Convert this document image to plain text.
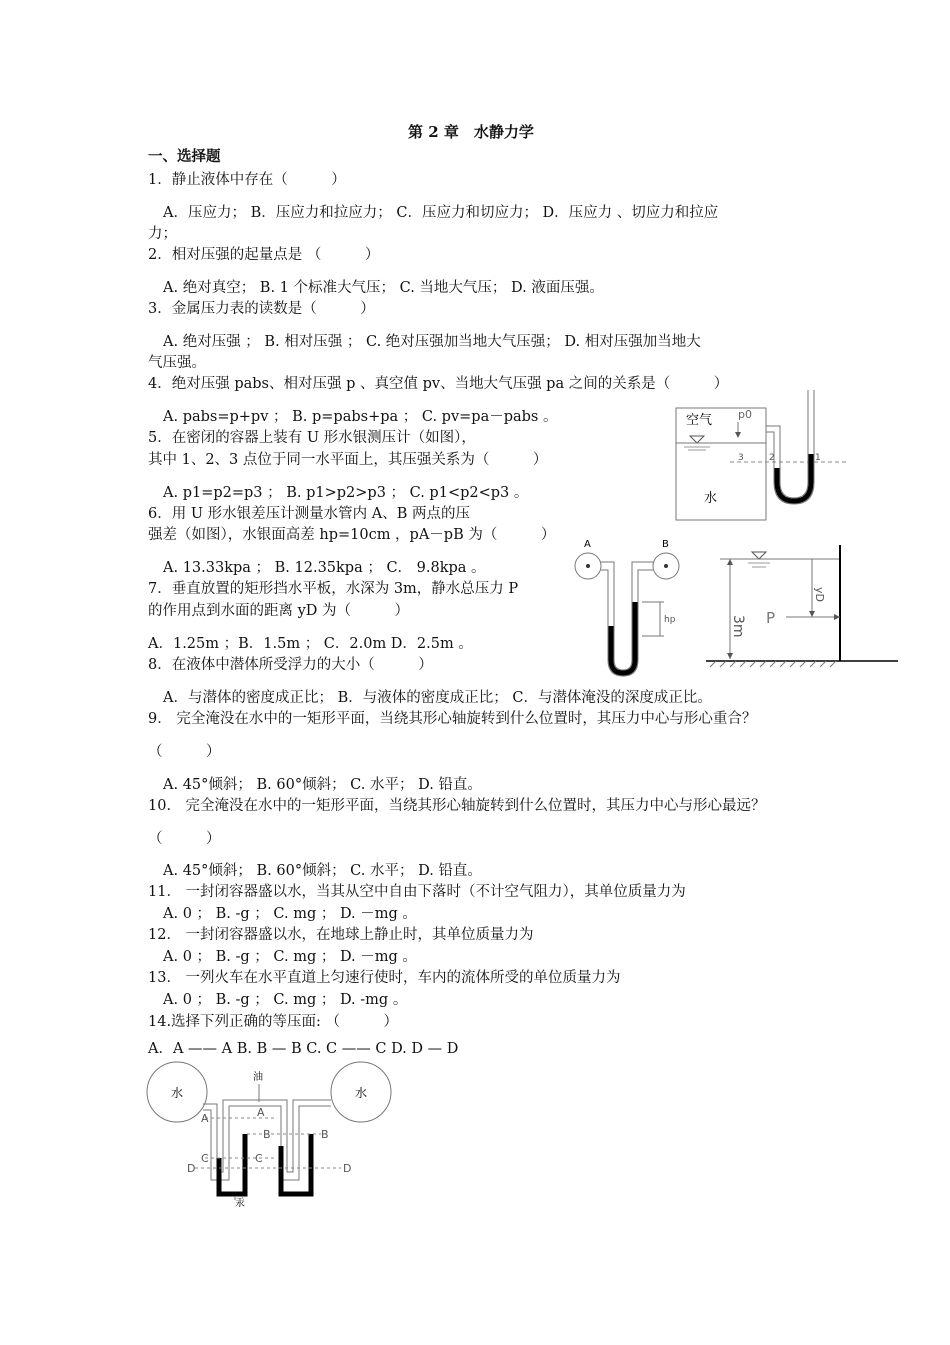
第 2 章　水静力学
一、选择题
1．静止液体中存在（　　　）
A．压应力； B．压应力和拉应力； C．压应力和切应力； D．压应力 、切应力和拉应
力；
2．相对压强的起量点是 （　　　）
A. 绝对真空； B. 1 个标准大气压； C. 当地大气压； D. 液面压强。
3．金属压力表的读数是（　　　）
A. 绝对压强 ； B. 相对压强 ； C. 绝对压强加当地大气压强； D. 相对压强加当地大
气压强。
4．绝对压强 pabs、相对压强 p 、真空值 pv、当地大气压强 pa 之间的关系是（　　　）
A. pabs=p+pv ； B. p=pabs+pa ； C. pv=pa－pabs 。
5．在密闭的容器上装有 U 形水银测压计（如图），
其中 1、2、3 点位于同一水平面上，其压强关系为（　　　）
A. p1=p2=p3 ； B. p1>p2>p3 ； C. p1<p2<p3 。
6．用 U 形水银差压计测量水管内 A、B 两点的压
强差（如图），水银面高差 hp=10cm ，pA－pB 为（　　　）
A. 13.33kpa ； B. 12.35kpa ； C． 9.8kpa 。
7．垂直放置的矩形挡水平板，水深为 3m，静水总压力 P
的作用点到水面的距离 yD 为（　　　）
A．1.25m ；B．1.5m ； C．2.0m D．2.5m 。
8．在液体中潜体所受浮力的大小（　　　）
A．与潜体的密度成正比； B．与液体的密度成正比； C．与潜体淹没的深度成正比。
9． 完全淹没在水中的一矩形平面，当绕其形心轴旋转到什么位置时，其压力中心与形心重合？
（　　　）
A. 45°倾斜； B. 60°倾斜； C. 水平； D. 铅直。
10． 完全淹没在水中的一矩形平面，当绕其形心轴旋转到什么位置时，其压力中心与形心最远？
（　　　）
A. 45°倾斜； B. 60°倾斜； C. 水平； D. 铅直。
11． 一封闭容器盛以水，当其从空中自由下落时（不计空气阻力），其单位质量力为
A. 0 ； B. -g ； C. mg ； D. －mg 。
12． 一封闭容器盛以水，在地球上静止时，其单位质量力为
A. 0 ； B. -g ； C. mg ； D. －mg 。
13． 一列火车在水平直道上匀速行使时，车内的流体所受的单位质量力为
A. 0 ； B. -g ； C. mg ； D. -mg 。
14.选择下列正确的等压面: （　　　）
A．A —— A B. B — B C. C —— C D. D — D
空气 p0
水
3	2	1
A	B
hp	3m
yD
P
水	水
油
A	A
B	B
C	C
D	D
汞
